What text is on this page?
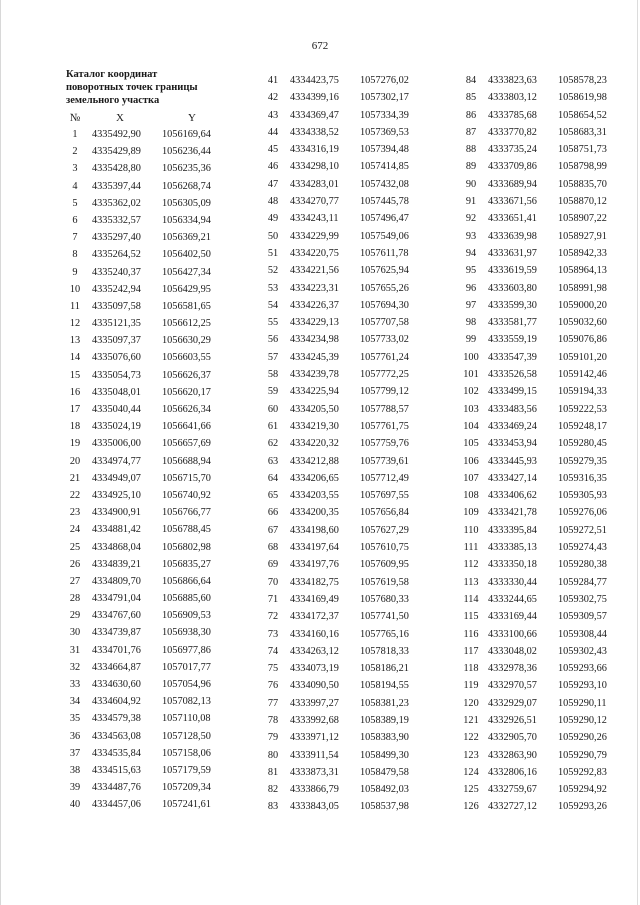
672
Каталог координат
поворотных точек границы
земельного участка
№	X	Y
1	4335492,90 1056169,64
2	4335429,89 1056236,44
3	4335428,80 1056235,36
4	4335397,44 1056268,74
5	4335362,02 1056305,09
6	4335332,57 1056334,94
7	4335297,40 1056369,21
8	4335264,52 1056402,50
9	4335240,37 1056427,34
10	4335242,94 1056429,95
11	4335097,58 1056581,65
12	4335121,35 1056612,25
13	4335097,37 1056630,29
14	4335076,60 1056603,55
15	4335054,73 1056626,37
16	4335048,01 1056620,17
17	4335040,44 1056626,34
18	4335024,19 1056641,66
19	4335006,00 1056657,69
20	4334974,77 1056688,94
21	4334949,07 1056715,70
22	4334925,10 1056740,92
23	4334900,91 1056766,77
24	4334881,42 1056788,45
25	4334868,04 1056802,98
26	4334839,21 1056835,27
27	4334809,70 1056866,64
28	4334791,04 1056885,60
29	4334767,60 1056909,53
30	4334739,87 1056938,30
31	4334701,76 1056977,86
32	4334664,87 1057017,77
33	4334630,60 1057054,96
34	4334604,92 1057082,13
35	4334579,38 1057110,08
36	4334563,08 1057128,50
37	4334535,84 1057158,06
38	4334515,63 1057179,59
39	4334487,76 1057209,34
40	4334457,06 1057241,61
41	4334423,75 1057276,02
42	4334399,16 1057302,17
43	4334369,47 1057334,39
44	4334338,52 1057369,53
45	4334316,19 1057394,48
46	4334298,10 1057414,85
47	4334283,01 1057432,08
48	4334270,77 1057445,78
49	4334243,11 1057496,47
50	4334229,99 1057549,06
51	4334220,75 1057611,78
52	4334221,56 1057625,94
53	4334223,31 1057655,26
54	4334226,37 1057694,30
55	4334229,13 1057707,58
56	4334234,98 1057733,02
57	4334245,39 1057761,24
58	4334239,78 1057772,25
59	4334225,94 1057799,12
60	4334205,50 1057788,57
61	4334219,30 1057761,75
62	4334220,32 1057759,76
63	4334212,88 1057739,61
64	4334206,65 1057712,49
65	4334203,55 1057697,55
66	4334200,35 1057656,84
67	4334198,60 1057627,29
68	4334197,64 1057610,75
69	4334197,76 1057609,95
70	4334182,75 1057619,58
71	4334169,49 1057680,33
72	4334172,37 1057741,50
73	4334160,16 1057765,16
74	4334263,12 1057818,33
75	4334073,19 1058186,21
76	4334090,50 1058194,55
77	4333997,27 1058381,23
78	4333992,68 1058389,19
79	4333971,12 1058383,90
80	4333911,54 1058499,30
81	4333873,31 1058479,58
82	4333866,79 1058492,03
83	4333843,05 1058537,98
84	4333823,63 1058578,23
85	4333803,12 1058619,98
86	4333785,68 1058654,52
87	4333770,82 1058683,31
88	4333735,24 1058751,73
89	4333709,86 1058798,99
90	4333689,94 1058835,70
91	4333671,56 1058870,12
92	4333651,41 1058907,22
93	4333639,98 1058927,91
94	4333631,97 1058942,33
95	4333619,59 1058964,13
96	4333603,80 1058991,98
97	4333599,30 1059000,20
98	4333581,77 1059032,60
99	4333559,19 1059076,86
100 4333547,39 1059101,20
101 4333526,58 1059142,46
102 4333499,15 1059194,33
103 4333483,56 1059222,53
104 4333469,24 1059248,17
105 4333453,94 1059280,45
106 4333445,93 1059279,35
107 4333427,14 1059316,35
108 4333406,62 1059305,93
109 4333421,78 1059276,06
110 4333395,84 1059272,51
111 4333385,13 1059274,43
112 4333350,18 1059280,38
113 4333330,44 1059284,77
114 4333244,65 1059302,75
115 4333169,44 1059309,57
116 4333100,66 1059308,44
117 4333048,02 1059302,43
118 4332978,36 1059293,66
119 4332970,57 1059293,10
120 4332929,07 1059290,11
121 4332926,51 1059290,12
122 4332905,70 1059290,26
123 4332863,90 1059290,79
124 4332806,16 1059292,83
125 4332759,67 1059294,92
126 4332727,12 1059293,26
